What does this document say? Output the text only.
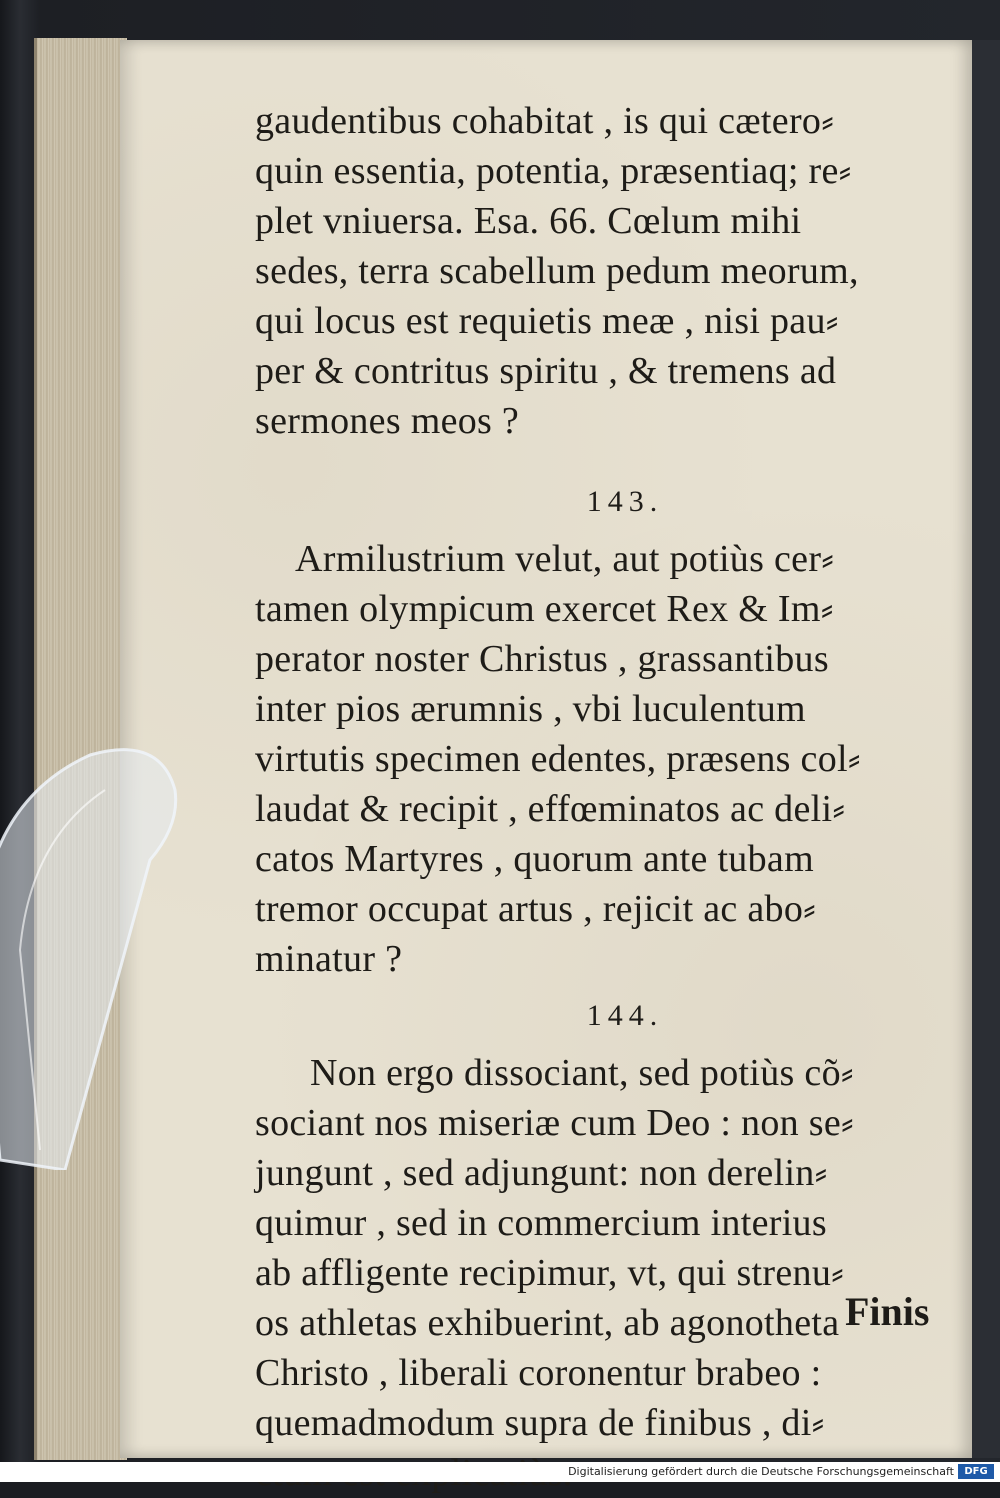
gaudentibus cohabitat , is qui cætero⸗
quin essentia, potentia, præsentiaq; re⸗
plet vniuersa. Esa. 66. Cœlum mihi
sedes, terra scabellum pedum meorum,
qui locus est requietis meæ , nisi pau⸗
per & contritus spiritu , & tremens ad
sermones meos ?
143.
Armilustrium velut, aut potiùs cer⸗
tamen olympicum exercet Rex & Im⸗
perator noster Christus , grassantibus
inter pios ærumnis , vbi luculentum
virtutis specimen edentes, præsens col⸗
laudat & recipit , effœminatos ac deli⸗
catos Martyres , quorum ante tubam
tremor occupat artus , rejicit ac abo⸗
minatur ?
144.
Non ergo dissociant, sed potiùs cõ⸗
sociant nos miseriæ cum Deo : non se⸗
jungunt , sed adjungunt: non derelin⸗
quimur , sed in commercium interius
ab affligente recipimur, vt, qui strenu⸗
os athletas exhibuerint, ab agonotheta
Christo , liberali coronentur brabeo :
quemadmodum supra de finibus , di⸗
Finis
Digitalisierung gefördert durch die Deutsche Forschungsgemeinschaft	DFG
